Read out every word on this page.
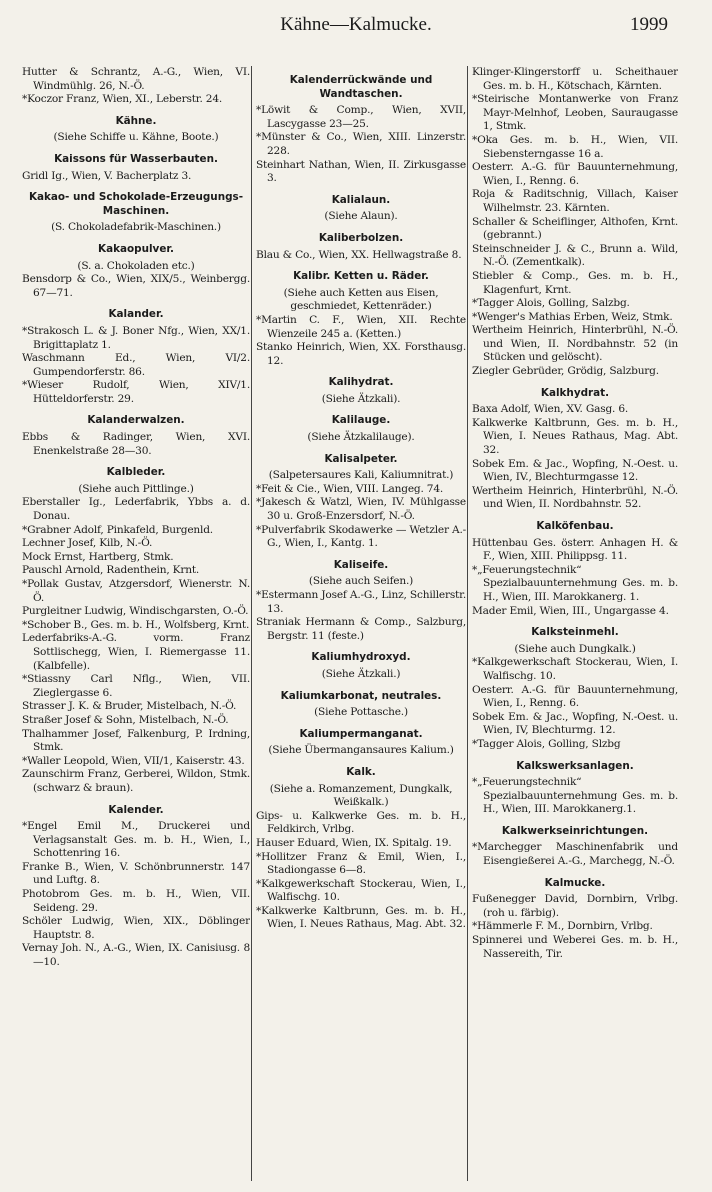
Kähne—Kalmucke.	1999

Hutter & Schrantz, A.-G., Wien, VI. Windmühlg. 26, N.-Ö.

*Koczor Franz, Wien, XI., Leberstr. 24.

Kähne.

(Siehe Schiffe u. Kähne, Boote.)

Kaissons für Wasserbauten.

Gridl Ig., Wien, V. Bacherplatz 3.

Kakao- und Schokolade-Erzeugungs-Maschinen.

(S. Chokoladefabrik-Maschinen.)

Kakaopulver.

(S. a. Chokoladen etc.)

Bensdorp & Co., Wien, XIX/5., Weinbergg. 67—71.

Kalander.

*Strakosch L. & J. Boner Nfg., Wien, XX/1. Brigittaplatz 1.

Waschmann Ed., Wien, VI/2. Gumpendorferstr. 86.

*Wieser Rudolf, Wien, XIV/1. Hütteldorferstr. 29.

Kalanderwalzen.

Ebbs & Radinger, Wien, XVI. Enenkelstraße 28—30.

Kalbleder.

(Siehe auch Pittlinge.)

Eberstaller Ig., Lederfabrik, Ybbs a. d. Donau.

*Grabner Adolf, Pinkafeld, Burgenld.

Lechner Josef, Kilb, N.-Ö.

Mock Ernst, Hartberg, Stmk.

Pauschl Arnold, Radenthein, Krnt.

*Pollak Gustav, Atzgersdorf, Wienerstr. N. Ö.

Purgleitner Ludwig, Windischgarsten, O.-Ö.

*Schober B., Ges. m. b. H., Wolfsberg, Krnt.

Lederfabriks-A.-G. vorm. Franz Sottlischegg, Wien, I. Riemergasse 11. (Kalbfelle).

*Stiassny Carl Nflg., Wien, VII. Zieglergasse 6.

Strasser J. K. & Bruder, Mistelbach, N.-Ö.

Straßer Josef & Sohn, Mistelbach, N.-Ö.

Thalhammer Josef, Falkenburg, P. Irdning, Stmk.

*Waller Leopold, Wien, VII/1, Kaiserstr. 43.

Zaunschirm Franz, Gerberei, Wildon, Stmk. (schwarz & braun).

Kalender.

*Engel Emil M., Druckerei und Verlagsanstalt Ges. m. b. H., Wien, I., Schottenring 16.

Franke B., Wien, V. Schönbrunnerstr. 147 und Luftg. 8.

Photobrom Ges. m. b. H., Wien, VII. Seideng. 29.

Schöler Ludwig, Wien, XIX., Döblinger Hauptstr. 8.

Vernay Joh. N., A.-G., Wien, IX. Canisiusg. 8—10.

Kalenderrückwände und Wandtaschen.

*Löwit & Comp., Wien, XVII, Lascygasse 23—25.

*Münster & Co., Wien, XIII. Linzerstr. 228.

Steinhart Nathan, Wien, II. Zirkusgasse 3.

Kalialaun.

(Siehe Alaun).

Kaliberbolzen.

Blau & Co., Wien, XX. Hellwagstraße 8.

Kalibr. Ketten u. Räder.

(Siehe auch Ketten aus Eisen, geschmiedet, Kettenräder.)

*Martin C. F., Wien, XII. Rechte Wienzeile 245 a. (Ketten.)

Stanko Heinrich, Wien, XX. Forsthausg. 12.

Kalihydrat.

(Siehe Ätzkali).

Kalilauge.

(Siehe Ätzkalilauge).

Kalisalpeter.

(Salpetersaures Kali, Kaliumnitrat.)

*Feit & Cie., Wien, VIII. Langeg. 74.

*Jakesch & Watzl, Wien, IV. Mühlgasse 30 u. Groß-Enzersdorf, N.-Ö.

*Pulverfabrik Skodawerke — Wetzler A.-G., Wien, I., Kantg. 1.

Kaliseife.

(Siehe auch Seifen.)

*Estermann Josef A.-G., Linz, Schillerstr. 13.

Straniak Hermann & Comp., Salzburg, Bergstr. 11 (feste.)

Kaliumhydroxyd.

(Siehe Ätzkali.)

Kaliumkarbonat, neutrales.

(Siehe Pottasche.)

Kaliumpermanganat.

(Siehe Übermangansaures Kalium.)

Kalk.

(Siehe a. Romanzement, Dungkalk, Weißkalk.)

Gips- u. Kalkwerke Ges. m. b. H., Feldkirch, Vrlbg.

Hauser Eduard, Wien, IX. Spitalg. 19.

*Hollitzer Franz & Emil, Wien, I., Stadiongasse 6—8.

*Kalkgewerkschaft Stockerau, Wien, I., Walfischg. 10.

*Kalkwerke Kaltbrunn, Ges. m. b. H., Wien, I. Neues Rathaus, Mag. Abt. 32.

Klinger-Klingerstorff u. Scheithauer Ges. m. b. H., Kötschach, Kärnten.

*Steirische Montanwerke von Franz Mayr-Melnhof, Leoben, Sauraugasse 1, Stmk.

*Oka Ges. m. b. H., Wien, VII. Siebensterngasse 16 a.

Oesterr. A.-G. für Bauunternehmung, Wien, I., Renng. 6.

Roja & Raditschnig, Villach, Kaiser Wilhelmstr. 23. Kärnten.

Schaller & Scheiflinger, Althofen, Krnt. (gebrannt.)

Steinschneider J. & C., Brunn a. Wild, N.-Ö. (Zementkalk).

Stiebler & Comp., Ges. m. b. H., Klagenfurt, Krnt.

*Tagger Alois, Golling, Salzbg.

*Wenger's Mathias Erben, Weiz, Stmk.

Wertheim Heinrich, Hinterbrühl, N.-Ö. und Wien, II. Nordbahnstr. 52 (in Stücken und gelöscht).

Ziegler Gebrüder, Grödig, Salzburg.

Kalkhydrat.

Baxa Adolf, Wien, XV. Gasg. 6.

Kalkwerke Kaltbrunn, Ges. m. b. H., Wien, I. Neues Rathaus, Mag. Abt. 32.

Sobek Em. & Jac., Wopfing, N.-Oest. u. Wien, IV., Blechturmgasse 12.

Wertheim Heinrich, Hinterbrühl, N.-Ö. und Wien, II. Nordbahnstr. 52.

Kalköfenbau.

Hüttenbau Ges. österr. Anhagen H. & F., Wien, XIII. Philippsg. 11.

*„Feuerungstechnik“ Spezialbauunternehmung Ges. m. b. H., Wien, III. Marokkanerg. 1.

Mader Emil, Wien, III., Ungargasse 4.

Kalksteinmehl.

(Siehe auch Dungkalk.)

*Kalkgewerkschaft Stockerau, Wien, I. Walfischg. 10.

Oesterr. A.-G. für Bauunternehmung, Wien, I., Renng. 6.

Sobek Em. & Jac., Wopfing, N.-Oest. u. Wien, IV, Blechturmg. 12.

*Tagger Alois, Golling, Slzbg

Kalkswerksanlagen.

*„Feuerungstechnik“ Spezialbauunternehmung Ges. m. b. H., Wien, III. Marokkanerg.1.

Kalkwerkseinrichtungen.

*Marchegger Maschinenfabrik und Eisengießerei A.-G., Marchegg, N.-Ö.

Kalmucke.

Fußenegger David, Dornbirn, Vrlbg. (roh u. färbig).

*Hämmerle F. M., Dornbirn, Vrlbg.

Spinnerei und Weberei Ges. m. b. H., Nassereith, Tir.
